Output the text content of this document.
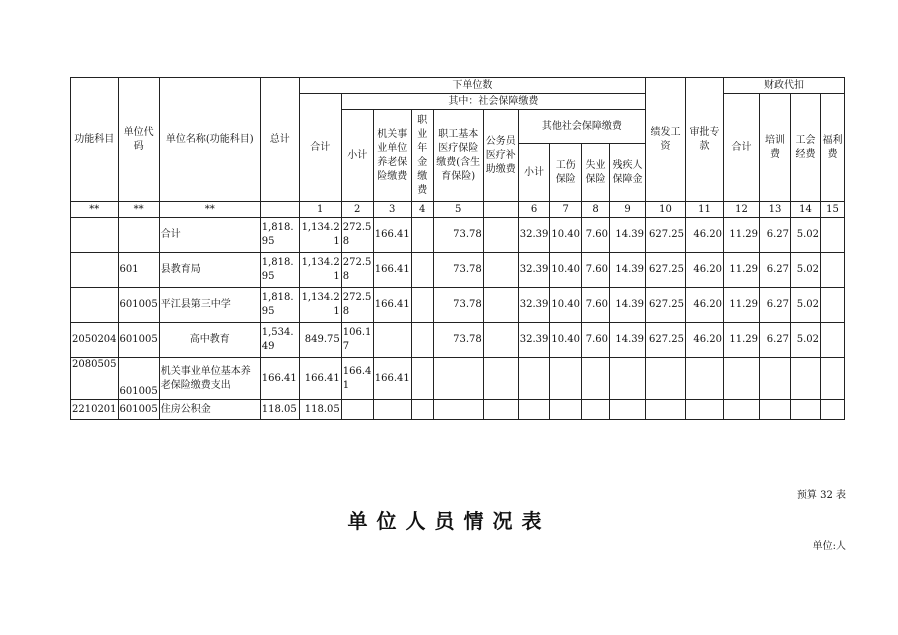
功能科目	单位代码	单位名称(功能科目)	总计	下单位数										绩发工资	审批专款	财政代扣			
				合计	其中：社会保障缴费											合计	培训费	工会经费	福利费
					小计	机关事业单位养老保险缴费	职业年金缴费	职工基本医疗保险缴费(含生育保险)	公务员医疗补助缴费	其他社会保障缴费									
										小计	工伤保险	失业保险	残疾人保障金						

**	**	**		1	2	3	4	5		6	7	8	9	10	11	12	13	14	15
		合计	1,818.95	1,134.21	272.58	166.41		73.78		32.39	10.40	7.60	14.39	627.25	46.20	11.29	6.27	5.02	
	601	县教育局	1,818.95	1,134.21	272.58	166.41		73.78		32.39	10.40	7.60	14.39	627.25	46.20	11.29	6.27	5.02	
	601005	平江县第三中学	1,818.95	1,134.21	272.58	166.41		73.78		32.39	10.40	7.60	14.39	627.25	46.20	11.29	6.27	5.02	
2050204	601005	高中教育	1,534.49	849.75	106.17			73.78		32.39	10.40	7.60	14.39	627.25	46.20	11.29	6.27	5.02	
2080505	601005	机关事业单位基本养老保险缴费支出	166.41	166.41	166.41	166.41													
2210201	601005	住房公积金	118.05	118.05															
预算 32 表
单位人员情况表
单位:人
